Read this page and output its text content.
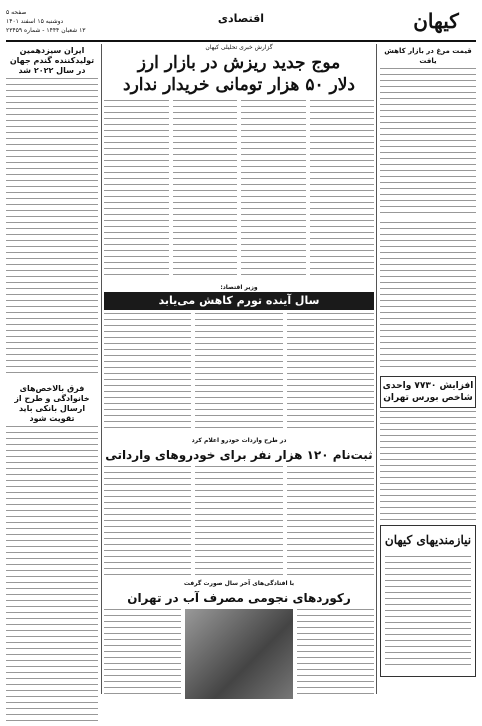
کیهان
اقتصادی
صفحه ۵
دوشنبه ۱۵ اسفند ۱۴۰۱
۱۳ شعبان ۱۴۴۴ - شماره ۲۳۴۵۹
قیمت مرغ در بازار کاهش یافت
افزایش ۷۷۳۰ واحدی شاخص بورس تهران
نیازمندیهای کیهان
ایران سیزدهمین تولیدکننده گندم جهان در سال ۲۰۲۲ شد
فرق بالاخص‌های خانوادگی و طرح از ارسال بانکی باید تقویت شود
گزارش خبری تحلیلی کیهان
موج جدید ریزش در بازار ارز
دلار ۵۰ هزار تومانی خریدار ندارد
وزیر اقتصاد:
سال آینده تورم کاهش می‌یابد
در طرح واردات خودرو اعلام کرد
ثبت‌نام ۱۲۰ هزار نفر برای خودروهای وارداتی
با افتادگی‌های آخر سال صورت گرفت
رکوردهای نجومی مصرف آب در تهران
